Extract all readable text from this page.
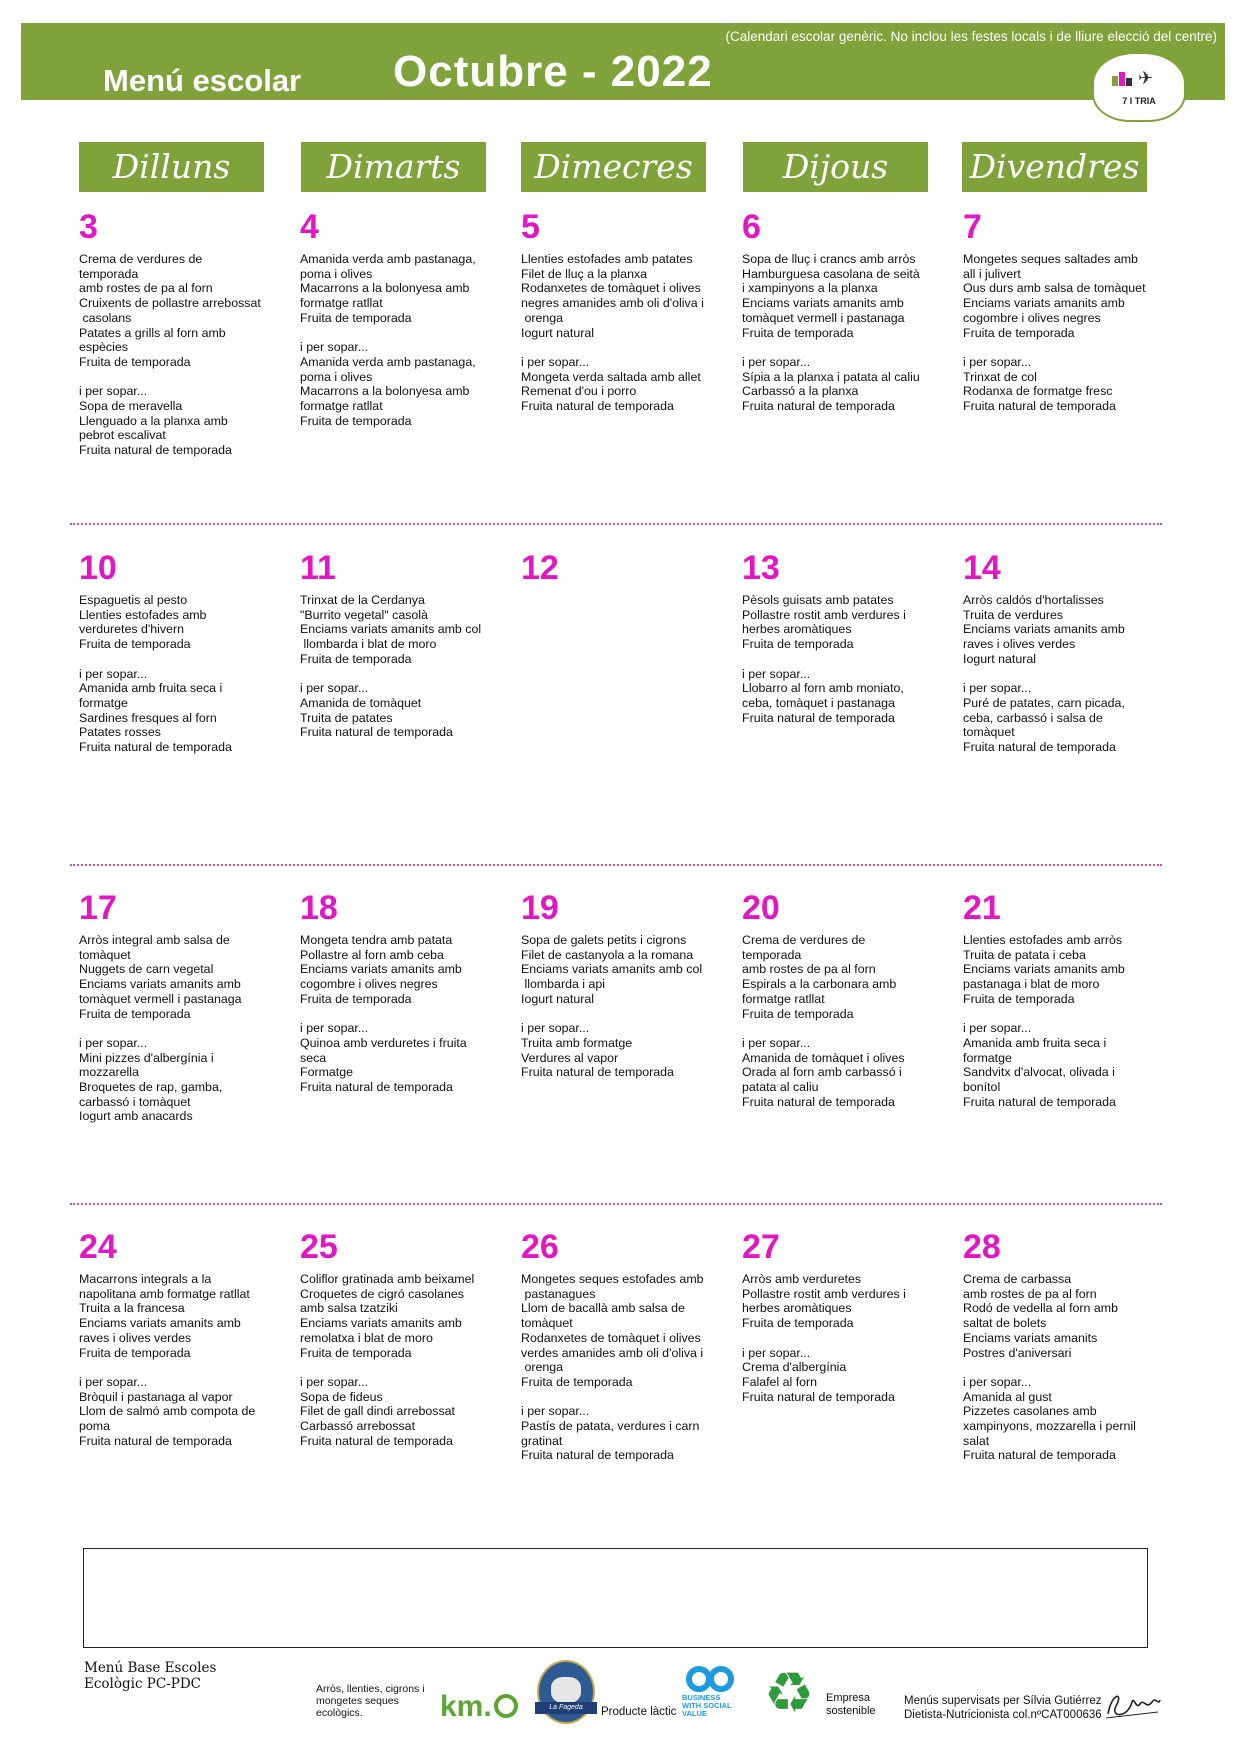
(Calendari escolar genèric. No inclou les festes locals i de lliure elecció del centre)
Menú escolar Octubre - 2022	✈
7 I TRIA
Dilluns	Dimarts	Dimecres	Dijous	Divendres
3
Crema de verdures de
temporada
amb rostes de pa al forn
Cruixents de pollastre arrebossat
casolans
Patates a grills al forn amb
espècies
Fruita de temporada
i per sopar...
Sopa de meravella
Llenguado a la planxa amb
pebrot escalivat
Fruita natural de temporada
4
Amanida verda amb pastanaga,
poma i olives
Macarrons a la bolonyesa amb
formatge ratllat
Fruita de temporada
i per sopar...
Amanida verda amb pastanaga,
poma i olives
Macarrons a la bolonyesa amb
formatge ratllat
Fruita de temporada
5
Llenties estofades amb patates
Filet de lluç a la planxa
Rodanxetes de tomàquet i olives
negres amanides amb oli d'oliva i
orenga
Iogurt natural
i per sopar...
Mongeta verda saltada amb allet
Remenat d'ou i porro
Fruita natural de temporada
6
Sopa de lluç i crancs amb arròs
Hamburguesa casolana de seità
i xampinyons a la planxa
Enciams variats amanits amb
tomàquet vermell i pastanaga
Fruita de temporada
i per sopar...
Sípia a la planxa i patata al caliu
Carbassó a la planxa
Fruita natural de temporada
7
Mongetes seques saltades amb
all i julivert
Ous durs amb salsa de tomàquet
Enciams variats amanits amb
cogombre i olives negres
Fruita de temporada
i per sopar...
Trinxat de col
Rodanxa de formatge fresc
Fruita natural de temporada
10
Espaguetis al pesto
Llenties estofades amb
verduretes d'hivern
Fruita de temporada
i per sopar...
Amanida amb fruita seca i
formatge
Sardines fresques al forn
Patates rosses
Fruita natural de temporada
11
Trinxat de la Cerdanya
"Burrito vegetal" casolà
Enciams variats amanits amb col
llombarda i blat de moro
Fruita de temporada
i per sopar...
Amanida de tomàquet
Truita de patates
Fruita natural de temporada
12	13
Pèsols guisats amb patates
Pollastre rostit amb verdures i
herbes aromàtiques
Fruita de temporada
i per sopar...
Llobarro al forn amb moniato,
ceba, tomàquet i pastanaga
Fruita natural de temporada
14
Arròs caldós d'hortalisses
Truita de verdures
Enciams variats amanits amb
raves i olives verdes
Iogurt natural
i per sopar...
Puré de patates, carn picada,
ceba, carbassó i salsa de
tomàquet
Fruita natural de temporada
17
Arròs integral amb salsa de
tomàquet
Nuggets de carn vegetal
Enciams variats amanits amb
tomàquet vermell i pastanaga
Fruita de temporada
i per sopar...
Mini pizzes d'albergínia i
mozzarella
Broquetes de rap, gamba,
carbassó i tomàquet
Iogurt amb anacards
18
Mongeta tendra amb patata
Pollastre al forn amb ceba
Enciams variats amanits amb
cogombre i olives negres
Fruita de temporada
i per sopar...
Quinoa amb verduretes i fruita
seca
Formatge
Fruita natural de temporada
19
Sopa de galets petits i cigrons
Filet de castanyola a la romana
Enciams variats amanits amb col
llombarda i api
Iogurt natural
i per sopar...
Truita amb formatge
Verdures al vapor
Fruita natural de temporada
20
Crema de verdures de
temporada
amb rostes de pa al forn
Espirals a la carbonara amb
formatge ratllat
Fruita de temporada
i per sopar...
Amanida de tomàquet i olives
Orada al forn amb carbassó i
patata al caliu
Fruita natural de temporada
21
Llenties estofades amb arròs
Truita de patata i ceba
Enciams variats amanits amb
pastanaga i blat de moro
Fruita de temporada
i per sopar...
Amanida amb fruita seca i
formatge
Sandvitx d'alvocat, olivada i
bonítol
Fruita natural de temporada
24
Macarrons integrals a la
napolitana amb formatge ratllat
Truita a la francesa
Enciams variats amanits amb
raves i olives verdes
Fruita de temporada
i per sopar...
Bròquil i pastanaga al vapor
Llom de salmó amb compota de
poma
Fruita natural de temporada
25
Coliflor gratinada amb beixamel
Croquetes de cigró casolanes
amb salsa tzatziki
Enciams variats amanits amb
remolatxa i blat de moro
Fruita de temporada
i per sopar...
Sopa de fideus
Filet de gall dindi arrebossat
Carbassó arrebossat
Fruita natural de temporada
26
Mongetes seques estofades amb
pastanagues
Llom de bacallà amb salsa de
tomàquet
Rodanxetes de tomàquet i olives
verdes amanides amb oli d'oliva i
orenga
Fruita de temporada
i per sopar...
Pastís de patata, verdures i carn
gratinat
Fruita natural de temporada
27
Arròs amb verduretes
Pollastre rostit amb verdures i
herbes aromàtiques
Fruita de temporada
i per sopar...
Crema d'albergínia
Falafel al forn
Fruita natural de temporada
28
Crema de carbassa
amb rostes de pa al forn
Rodó de vedella al forn amb
saltat de bolets
Enciams variats amanits
Postres d'aniversari
i per sopar...
Amanida al gust
Pizzetes casolanes amb
xampinyons, mozzarella i pernil
salat
Fruita natural de temporada
Menú Base Escoles
Ecològic PC-PDC	Arròs, llenties, cigrons i mongetes seques ecològics.	km.	La Fageda	Producte làctic
BUSINESS WITH SOCIAL VALUE	♻	Empresa
sostenible
Menús supervisats per Sílvia Gutiérrez
Dietista-Nutricionista col.nºCAT000636
